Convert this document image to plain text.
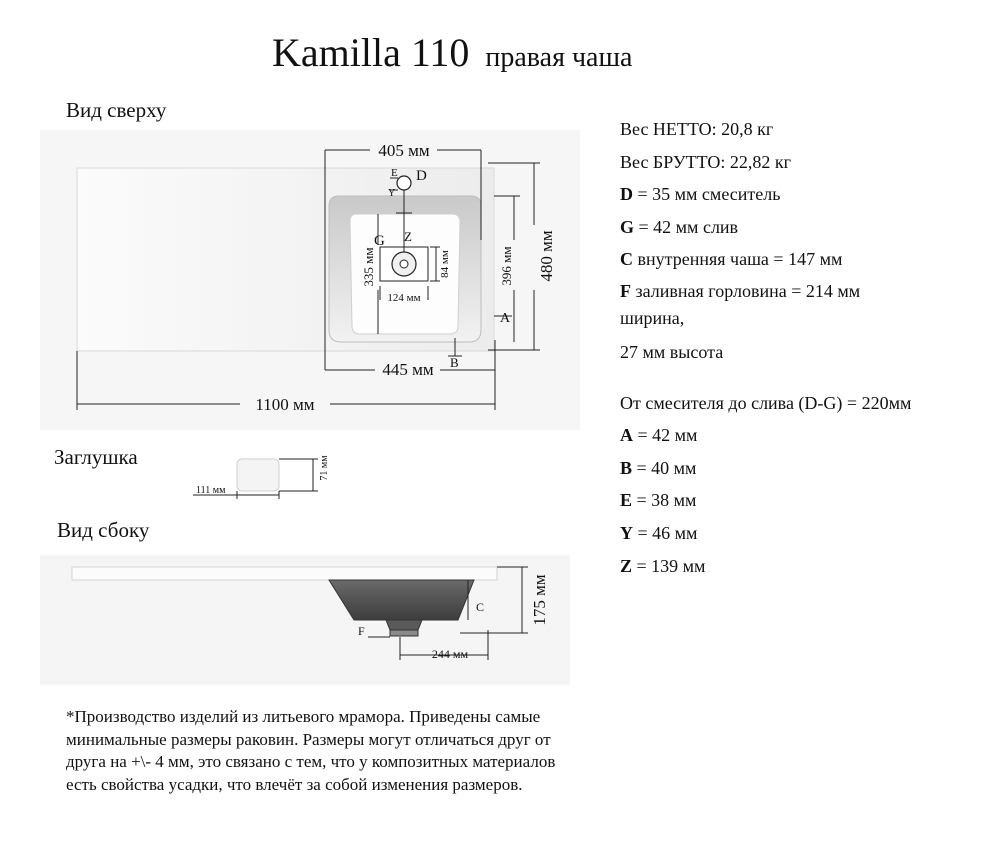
Kamilla 110 правая чаша
Вид сверху
Заглушка
Вид сбоку
405 мм
480 мм
396 мм
335 мм	84 мм
124 мм
445 мм
1100 мм
E D
Y
G Z
A
B
111 мм
71 мм
C
F
175 мм
244 мм
Вес НЕТТО: 20,8 кг
Вес БРУТТО: 22,82 кг
D = 35 мм смеситель
G = 42 мм слив
C внутренняя чаша = 147 мм
F заливная горловина = 214 мм ширина,
27 мм высота
От смесителя до слива (D-G) = 220мм
A = 42 мм
B = 40 мм
E = 38 мм
Y = 46 мм
Z = 139 мм
*Производство изделий из литьевого мрамора. Приведены самые минимальные размеры раковин. Размеры могут отличаться друг от друга на +\- 4 мм, это связано с тем, что у композитных материалов есть свойства усадки, что влечёт за собой изменения размеров.
